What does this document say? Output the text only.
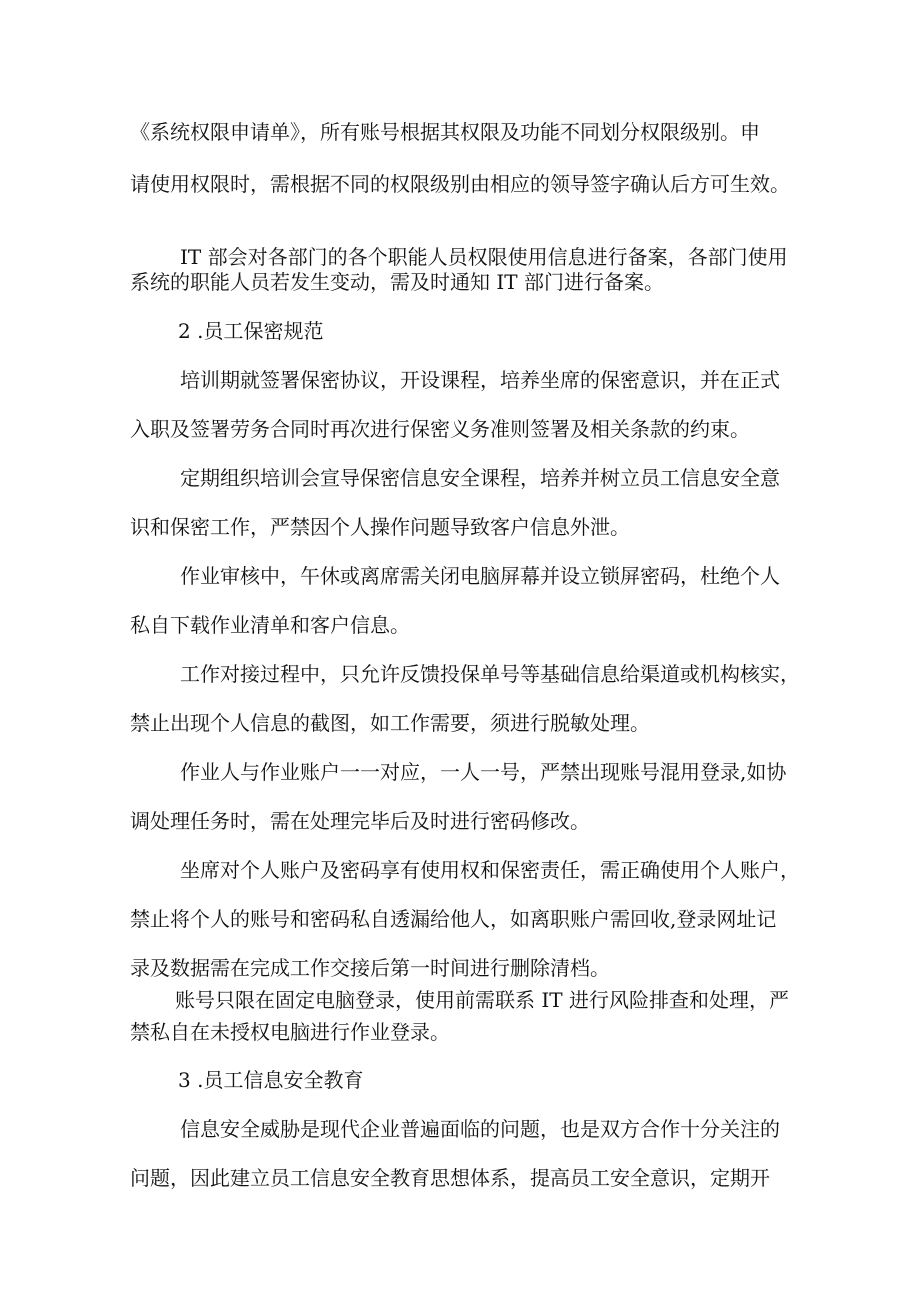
《系统权限申请单》，所有账号根据其权限及功能不同划分权限级别。申
请使用权限时，需根据不同的权限级别由相应的领导签字确认后方可生效。
IT 部会对各部门的各个职能人员权限使用信息进行备案，各部门使用
系统的职能人员若发生变动，需及时通知 IT 部门进行备案。
2 .员工保密规范
培训期就签署保密协议，开设课程，培养坐席的保密意识，并在正式
入职及签署劳务合同时再次进行保密义务准则签署及相关条款的约束。
定期组织培训会宣导保密信息安全课程，培养并树立员工信息安全意
识和保密工作，严禁因个人操作问题导致客户信息外泄。
作业审核中，午休或离席需关闭电脑屏幕并设立锁屏密码，杜绝个人
私自下载作业清单和客户信息。
工作对接过程中，只允许反馈投保单号等基础信息给渠道或机构核实，
禁止出现个人信息的截图，如工作需要，须进行脱敏处理。
作业人与作业账户一一对应，一人一号，严禁出现账号混用登录,如协
调处理任务时，需在处理完毕后及时进行密码修改。
坐席对个人账户及密码享有使用权和保密责任，需正确使用个人账户，
禁止将个人的账号和密码私自透漏给他人，如离职账户需回收,登录网址记
录及数据需在完成工作交接后第一时间进行删除清档。
账号只限在固定电脑登录，使用前需联系 IT 进行风险排查和处理，严
禁私自在未授权电脑进行作业登录。
3 .员工信息安全教育
信息安全威胁是现代企业普遍面临的问题，也是双方合作十分关注的
问题，因此建立员工信息安全教育思想体系，提高员工安全意识，定期开
